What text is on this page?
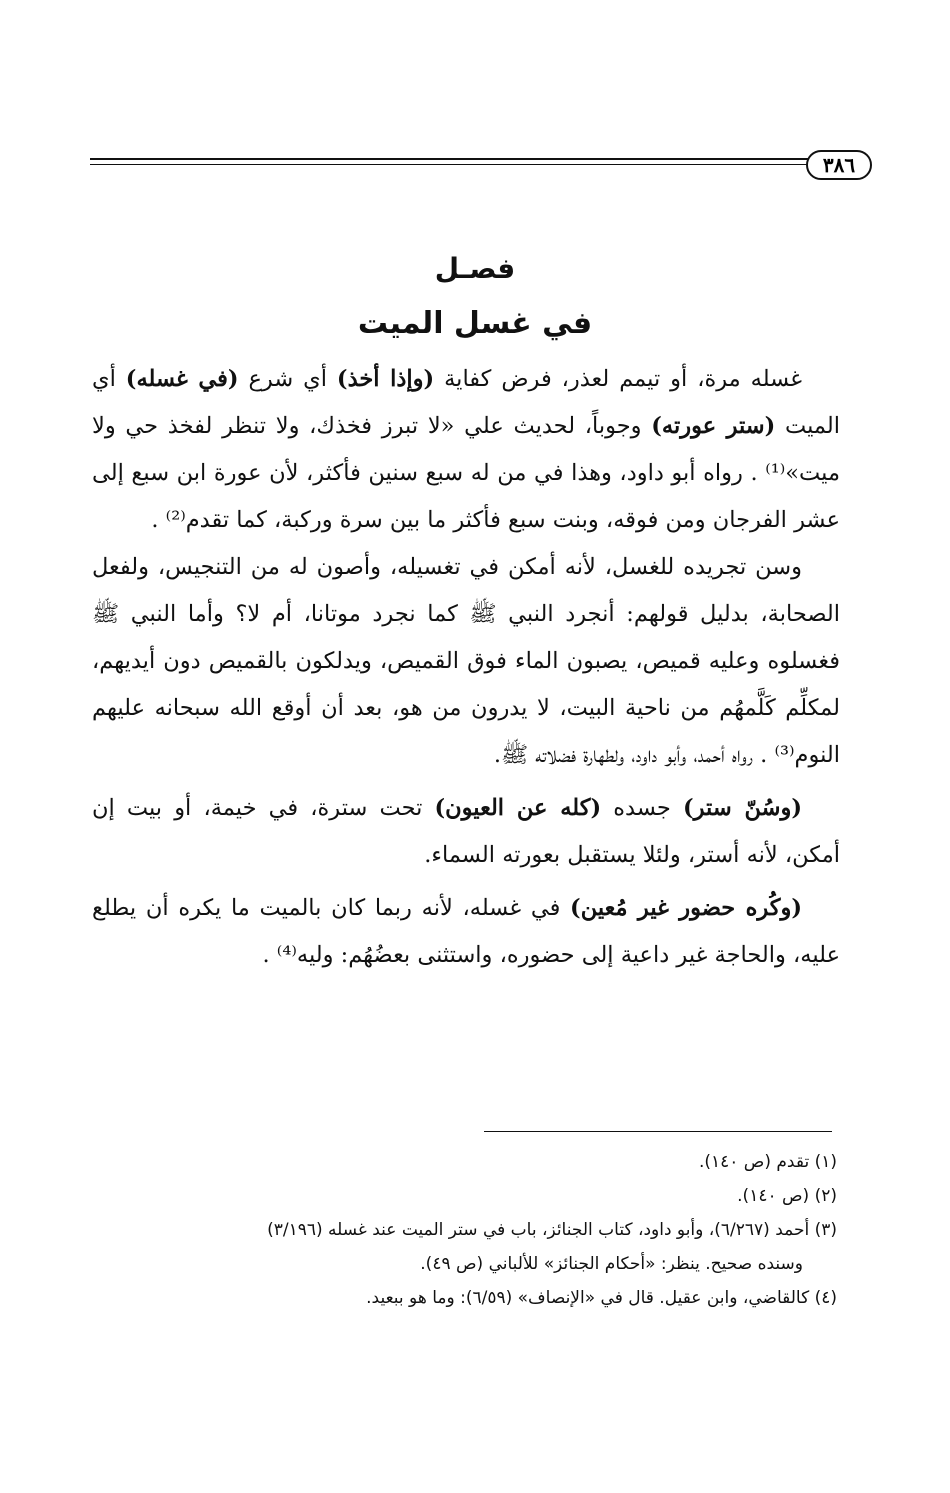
٣٨٦
فصـل
في غسل الميت

غسله مرة، أو تيمم لعذر، فرض كفاية (وإذا أخذ) أي شرع (في غسله) أي الميت (ستر عورته) وجوباً، لحديث علي «لا تبرز فخذك، ولا تنظر لفخذ حي ولا ميت»⁽¹⁾ . رواه أبو داود، وهذا في من له سبع سنين فأكثر، لأن عورة ابن سبع إلى عشر الفرجان ومن فوقه، وبنت سبع فأكثر ما بين سرة وركبة، كما تقدم⁽²⁾ .

وسن تجريده للغسل، لأنه أمكن في تغسيله، وأصون له من التنجيس، ولفعل الصحابة، بدليل قولهم: أنجرد النبي ﷺ كما نجرد موتانا، أم لا؟ وأما النبي ﷺ فغسلوه وعليه قميص، يصبون الماء فوق القميص، ويدلكون بالقميص دون أيديهم، لمكلِّم كَلَّمهُم من ناحية البيت، لا يدرون من هو، بعد أن أوقع الله سبحانه عليهم النوم⁽³⁾ . رواه أحمد، وأبو داود، ولطهارة فضلاته ﷺ.

(وسُنّ ستر) جسده (كله عن العيون) تحت سترة، في خيمة، أو بيت إن أمكن، لأنه أستر، ولئلا يستقبل بعورته السماء.

(وكُره حضور غير مُعين) في غسله، لأنه ربما كان بالميت ما يكره أن يطلع عليه، والحاجة غير داعية إلى حضوره، واستثنى بعضُهُم: وليه⁽⁴⁾ .

(١) تقدم (ص ١٤٠).

(٢) (ص ١٤٠).

(٣) أحمد (٦/٢٦٧)، وأبو داود، كتاب الجنائز، باب في ستر الميت عند غسله (٣/١٩٦)

وسنده صحيح. ينظر: «أحكام الجنائز» للألباني (ص ٤٩).

(٤) كالقاضي، وابن عقيل. قال في «الإنصاف» (٦/٥٩): وما هو ببعيد.
